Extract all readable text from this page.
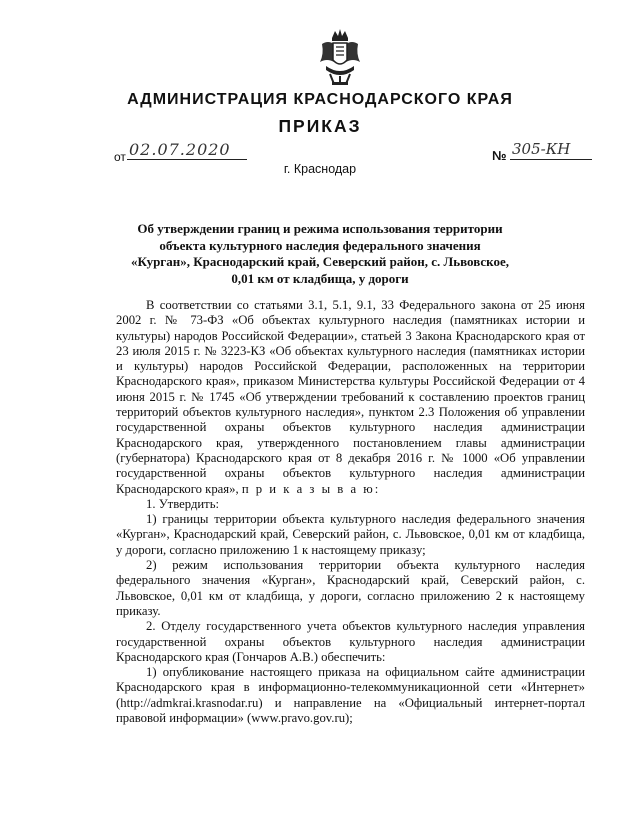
АДМИНИСТРАЦИЯ КРАСНОДАРСКОГО КРАЯ
ПРИКАЗ
от 02.07.2020	№ 305-КН
г. Краснодар
Об утверждении границ и режима использования территории
объекта культурного наследия федерального значения
«Курган», Краснодарский край, Северский район, с. Львовское,
0,01 км от кладбища, у дороги

В соответствии со статьями 3.1, 5.1, 9.1, 33 Федерального закона от 25 июня 2002 г. № 73-ФЗ «Об объектах культурного наследия (памятниках истории и культуры) народов Российской Федерации», статьей 3 Закона Краснодарского края от 23 июля 2015 г. № 3223-КЗ «Об объектах культурного наследия (памятниках истории и культуры) народов Российской Федерации, расположенных на территории Краснодарского края», приказом Министерства культуры Российской Федерации от 4 июня 2015 г. № 1745 «Об утверждении требований к составлению проектов границ территорий объектов культурного наследия», пунктом 2.3 Положения об управлении государственной охраны объектов культурного наследия администрации Краснодарского края, утвержденного постановлением главы администрации (губернатора) Краснодарского края от 8 декабря 2016 г. № 1000 «Об управлении государственной охраны объектов культурного наследия администрации Краснодарского края», п р и к а з ы в а ю:

1. Утвердить:

1) границы территории объекта культурного наследия федерального значения «Курган», Краснодарский край, Северский район, с. Львовское, 0,01 км от кладбища, у дороги, согласно приложению 1 к настоящему приказу;

2) режим использования территории объекта культурного наследия федерального значения «Курган», Краснодарский край, Северский район, с. Львовское, 0,01 км от кладбища, у дороги, согласно приложению 2 к настоящему приказу.

2. Отделу государственного учета объектов культурного наследия управления государственной охраны объектов культурного наследия администрации Краснодарского края (Гончаров А.В.) обеспечить:

1) опубликование настоящего приказа на официальном сайте администрации Краснодарского края в информационно-телекоммуникационной сети «Интернет» (http://admkrai.krasnodar.ru) и направление на «Официальный интернет-портал правовой информации» (www.pravo.gov.ru);
